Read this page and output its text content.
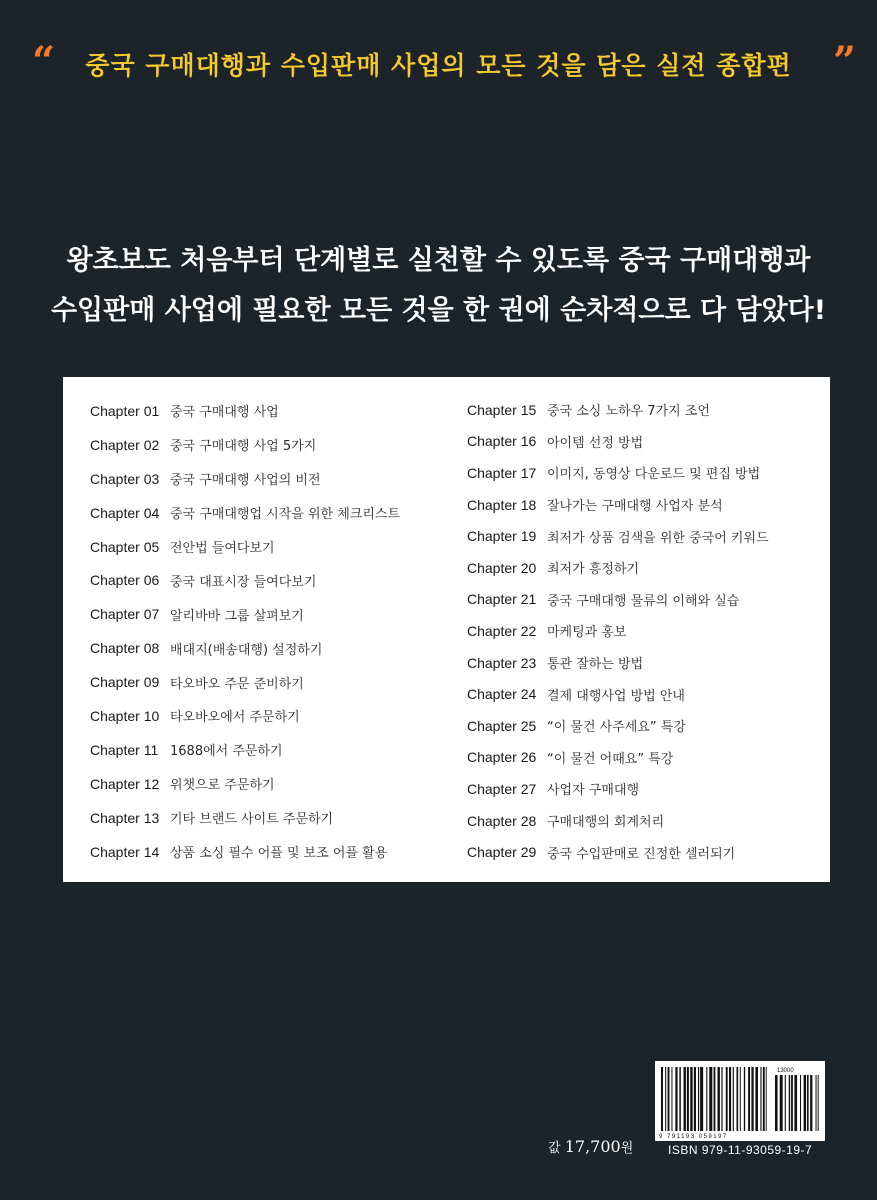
“	중국 구매대행과 수입판매 사업의 모든 것을 담은 실전 종합편	”
왕초보도 처음부터 단계별로 실천할 수 있도록 중국 구매대행과
수입판매 사업에 필요한 모든 것을 한 권에 순차적으로 다 담았다!
Chapter 01 중국 구매대행 사업
Chapter 02 중국 구매대행 사업 5가지
Chapter 03 중국 구매대행 사업의 비전
Chapter 04 중국 구매대행업 시작을 위한 체크리스트
Chapter 05 전안법 들여다보기
Chapter 06 중국 대표시장 들여다보기
Chapter 07 알리바바 그룹 살펴보기
Chapter 08 배대지(배송대행) 설정하기
Chapter 09 타오바오 주문 준비하기
Chapter 10 타오바오에서 주문하기
Chapter 11 1688에서 주문하기
Chapter 12 위챗으로 주문하기
Chapter 13 기타 브랜드 사이트 주문하기
Chapter 14 상품 소싱 필수 어플 및 보조 어플 활용
Chapter 15 중국 소싱 노하우 7가지 조언
Chapter 16 아이템 선정 방법
Chapter 17 이미지, 동영상 다운로드 및 편집 방법
Chapter 18 잘나가는 구매대행 사업자 분석
Chapter 19 최저가 상품 검색을 위한 중국어 키워드
Chapter 20 최저가 흥정하기
Chapter 21 중국 구매대행 물류의 이해와 실습
Chapter 22 마케팅과 홍보
Chapter 23 통관 잘하는 방법
Chapter 24 결제 대행사업 방법 안내
Chapter 25 “이 물건 사주세요” 특강
Chapter 26 “이 물건 어때요” 특강
Chapter 27 사업자 구매대행
Chapter 28 구매대행의 회계처리
Chapter 29 중국 수입판매로 진정한 셀러되기
13000
9 791193 059197
값 17,700원	ISBN 979-11-93059-19-7
